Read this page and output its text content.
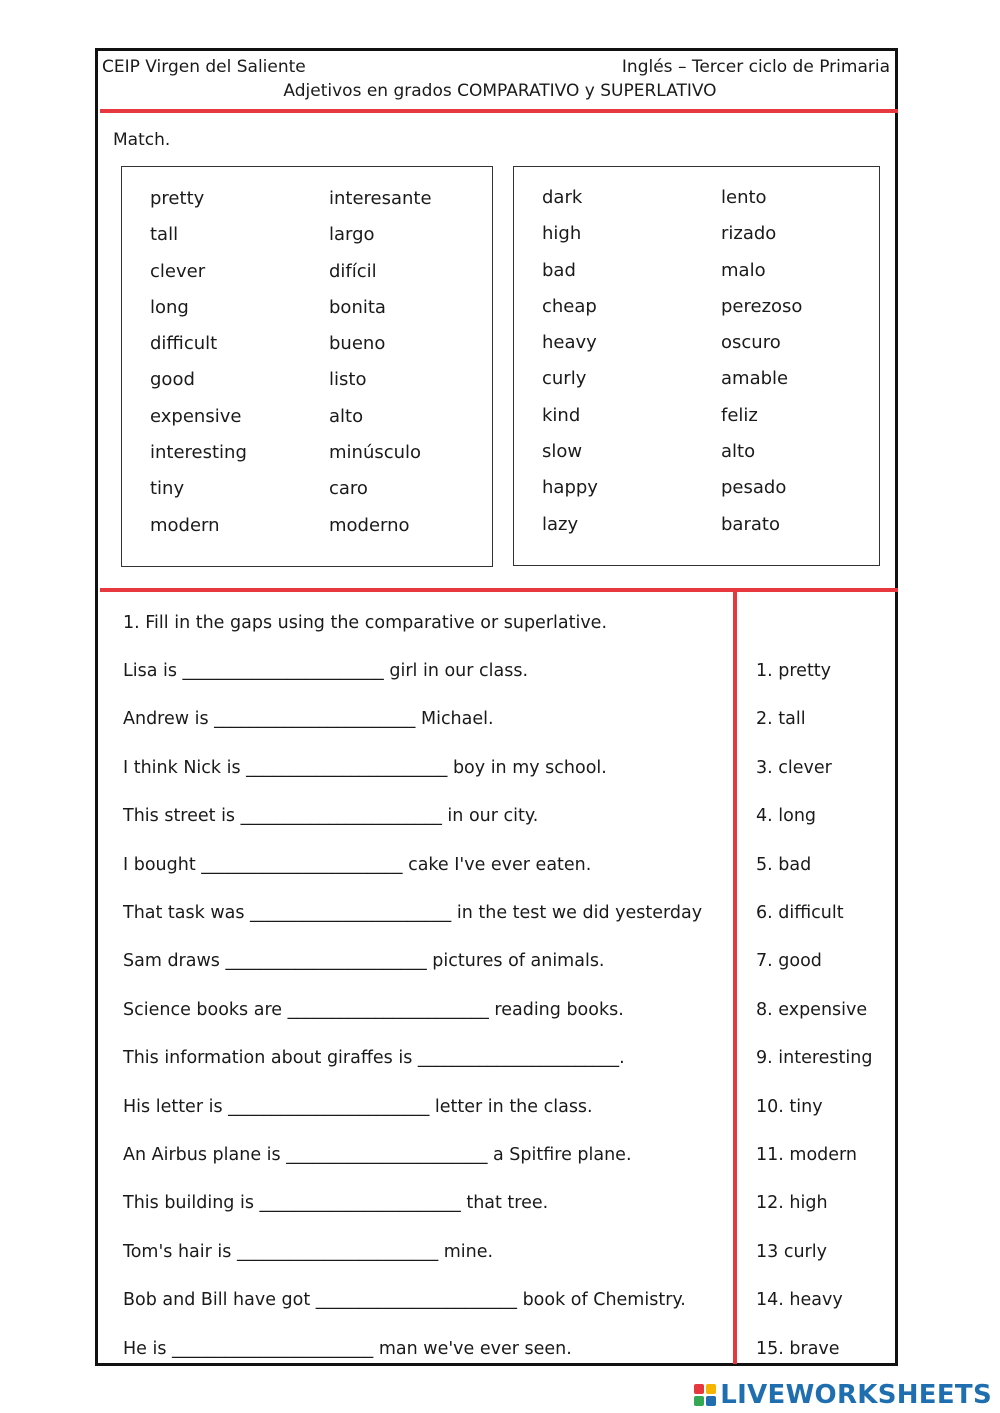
CEIP Virgen del Saliente	Inglés – Tercer ciclo de Primaria
Adjetivos en grados COMPARATIVO y SUPERLATIVO
Match.
pretty
tall
clever
long
difficult
good
expensive
interesting
tiny
modern
interesante
largo
difícil
bonita
bueno
listo
alto
minúsculo
caro
moderno
dark
high
bad
cheap
heavy
curly
kind
slow
happy
lazy
lento
rizado
malo
perezoso
oscuro
amable
feliz
alto
pesado
barato
1. Fill in the gaps using the comparative or superlative.
Lisa is _______________________ girl in our class.
Andrew is _______________________ Michael.
I think Nick is _______________________ boy in my school.
This street is _______________________ in our city.
I bought _______________________ cake I've ever eaten.
That task was _______________________ in the test we did yesterday
Sam draws _______________________ pictures of animals.
Science books are _______________________ reading books.
This information about giraffes is _______________________.
His letter is _______________________ letter in the class.
An Airbus plane is _______________________ a Spitfire plane.
This building is _______________________ that tree.
Tom's hair is _______________________ mine.
Bob and Bill have got _______________________ book of Chemistry.
He is _______________________ man we've ever seen.
1. pretty
2. tall
3. clever
4. long
5. bad
6. difficult
7. good
8. expensive
9. interesting
10. tiny
11. modern
12. high
13 curly
14. heavy
15. brave
LIVEWORKSHEETS
